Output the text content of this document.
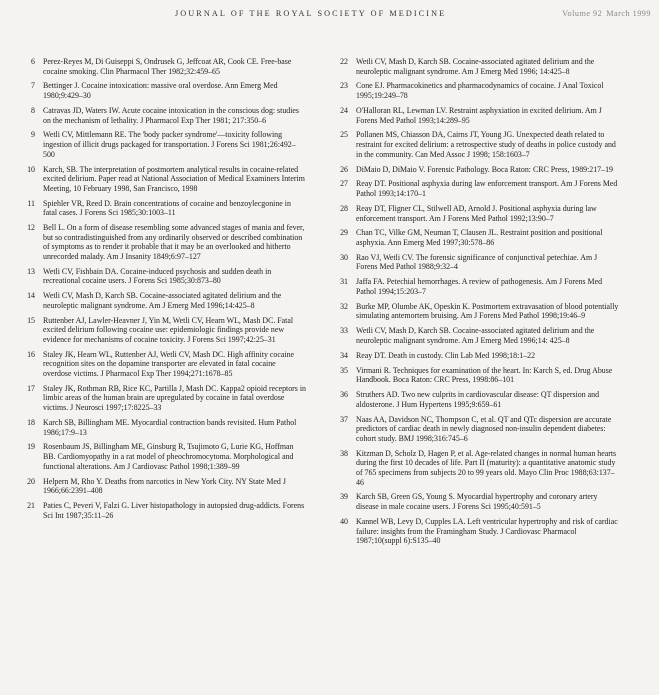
JOURNAL OF THE ROYAL SOCIETY OF MEDICINE	Volume 92 March 1999
6 Perez-Reyes M, Di Guiseppi S, Ondrusek G, Jeffcoat AR, Cook CE. Free-base cocaine smoking. Clin Pharmacol Ther 1982;32:459–65
7 Bettinger J. Cocaine intoxication: massive oral overdose. Ann Emerg Med 1980;9:429–30
8 Catravas JD, Waters IW. Acute cocaine intoxication in the conscious dog: studies on the mechanism of lethality. J Pharmacol Exp Ther 1981; 217:350–6
9 Wetli CV, Mittlemann RE. The 'body packer syndrome'—toxicity following ingestion of illicit drugs packaged for transportation. J Forens Sci 1981;26:492–500
10 Karch, SB. The interpretation of postmortem analytical results in cocaine-related excited delirium. Paper read at National Association of Medical Examiners Interim Meeting, 10 February 1998, San Francisco, 1998
11 Spiehler VR, Reed D. Brain concentrations of cocaine and benzoylecgonine in fatal cases. J Forens Sci 1985;30:1003–11
12 Bell L. On a form of disease resembling some advanced stages of mania and fever, but so contradistinguished from any ordinarily observed or described combination of symptoms as to render it probable that it may be an overlooked and hitherto unrecorded malady. Am J Insanity 1849;6:97–127
13 Wetli CV, Fishbain DA. Cocaine-induced psychosis and sudden death in recreational cocaine users. J Forens Sci 1985;30:873–80
14 Wetli CV, Mash D, Karch SB. Cocaine-associated agitated delirium and the neuroleptic malignant syndrome. Am J Emerg Med 1996;14:425–8
15 Ruttenber AJ, Lawler-Heavner J, Yin M, Wetli CV, Hearn WL, Mash DC. Fatal excited delirium following cocaine use: epidemiologic findings provide new evidence for mechanisms of cocaine toxicity. J Forens Sci 1997;42:25–31
16 Staley JK, Hearn WL, Ruttenber AJ, Wetli CV, Mash DC. High affinity cocaine recognition sites on the dopamine transporter are elevated in fatal cocaine overdose victims. J Pharmacol Exp Ther 1994;271:1678–85
17 Staley JK, Rothman RB, Rice KC, Partilla J, Mash DC. Kappa2 opioid receptors in limbic areas of the human brain are upregulated by cocaine in fatal overdose victims. J Neurosci 1997;17:8225–33
18 Karch SB, Billingham ME. Myocardial contraction bands revisited. Hum Pathol 1986;17:9–13
19 Rosenbaum JS, Billingham ME, Ginsburg R, Tsujimoto G, Lurie KG, Hoffman BB. Cardiomyopathy in a rat model of pheochromocytoma. Morphological and functional alterations. Am J Cardiovasc Pathol 1998;1:389–99
20 Helpern M, Rho Y. Deaths from narcotics in New York City. NY State Med J 1966;66:2391–408
21 Paties C, Peveri V, Falzi G. Liver histopathology in autopsied drug-addicts. Forens Sci Int 1987;35:11–26
22 Wetli CV, Mash D, Karch SB. Cocaine-associated agitated delirium and the neuroleptic malignant syndrome. Am J Emerg Med 1996; 14:425–8
23 Cone EJ. Pharmacokinetics and pharmacodynamics of cocaine. J Anal Toxicol 1995;19:249–78
24 O'Halloran RL, Lewman LV. Restraint asphyxiation in excited delirium. Am J Forens Med Pathol 1993;14:289–95
25 Pollanen MS, Chiasson DA, Cairns JT, Young JG. Unexpected death related to restraint for excited delirium: a retrospective study of deaths in police custody and in the community. Can Med Assoc J 1998; 158:1603–7
26 DiMaio D, DiMaio V. Forensic Pathology. Boca Raton: CRC Press, 1989:217–19
27 Reay DT. Positional asphyxia during law enforcement transport. Am J Forens Med Pathol 1993;14:170–1
28 Reay DT, Fligner CL, Stilwell AD, Arnold J. Positional asphyxia during law enforcement transport. Am J Forens Med Pathol 1992;13:90–7
29 Chan TC, Vilke GM, Neuman T, Clausen JL. Restraint position and positional asphyxia. Ann Emerg Med 1997;30:578–86
30 Rao VJ, Wetli CV. The forensic significance of conjunctival petechiae. Am J Forens Med Pathol 1988;9:32–4
31 Jaffa FA. Petechial hemorrhages. A review of pathogenesis. Am J Forens Med Pathol 1994;15:203–7
32 Burke MP, Olumbe AK, Opeskin K. Postmortem extravasation of blood potentially simulating antemortem bruising. Am J Forens Med Pathol 1998;19:46–9
33 Wetli CV, Mash D, Karch SB. Cocaine-associated agitated delirium and the neuroleptic malignant syndrome. Am J Emerg Med 1996;14: 425–8
34 Reay DT. Death in custody. Clin Lab Med 1998;18:1–22
35 Virmani R. Techniques for examination of the heart. In: Karch S, ed. Drug Abuse Handbook. Boca Raton: CRC Press, 1998:86–101
36 Struthers AD. Two new culprits in cardiovascular disease: QT dispersion and aldosterone. J Hum Hypertens 1995;9:659–61
37 Naas AA, Davidson NC, Thompson C, et al. QT and QTc dispersion are accurate predictors of cardiac death in newly diagnosed non-insulin dependent diabetes: cohort study. BMJ 1998;316:745–6
38 Kitzman D, Scholz D, Hagen P, et al. Age-related changes in normal human hearts during the first 10 decades of life. Part II (maturity): a quantitative anatomic study of 765 specimens from subjects 20 to 99 years old. Mayo Clin Proc 1988;63:137–46
39 Karch SB, Green GS, Young S. Myocardial hypertrophy and coronary artery disease in male cocaine users. J Forens Sci 1995;40:591–5
40 Kannel WB, Levy D, Cupples LA. Left ventricular hypertrophy and risk of cardiac failure: insights from the Framingham Study. J Cardiovasc Pharmacol 1987;10(suppl 6):S135–40
